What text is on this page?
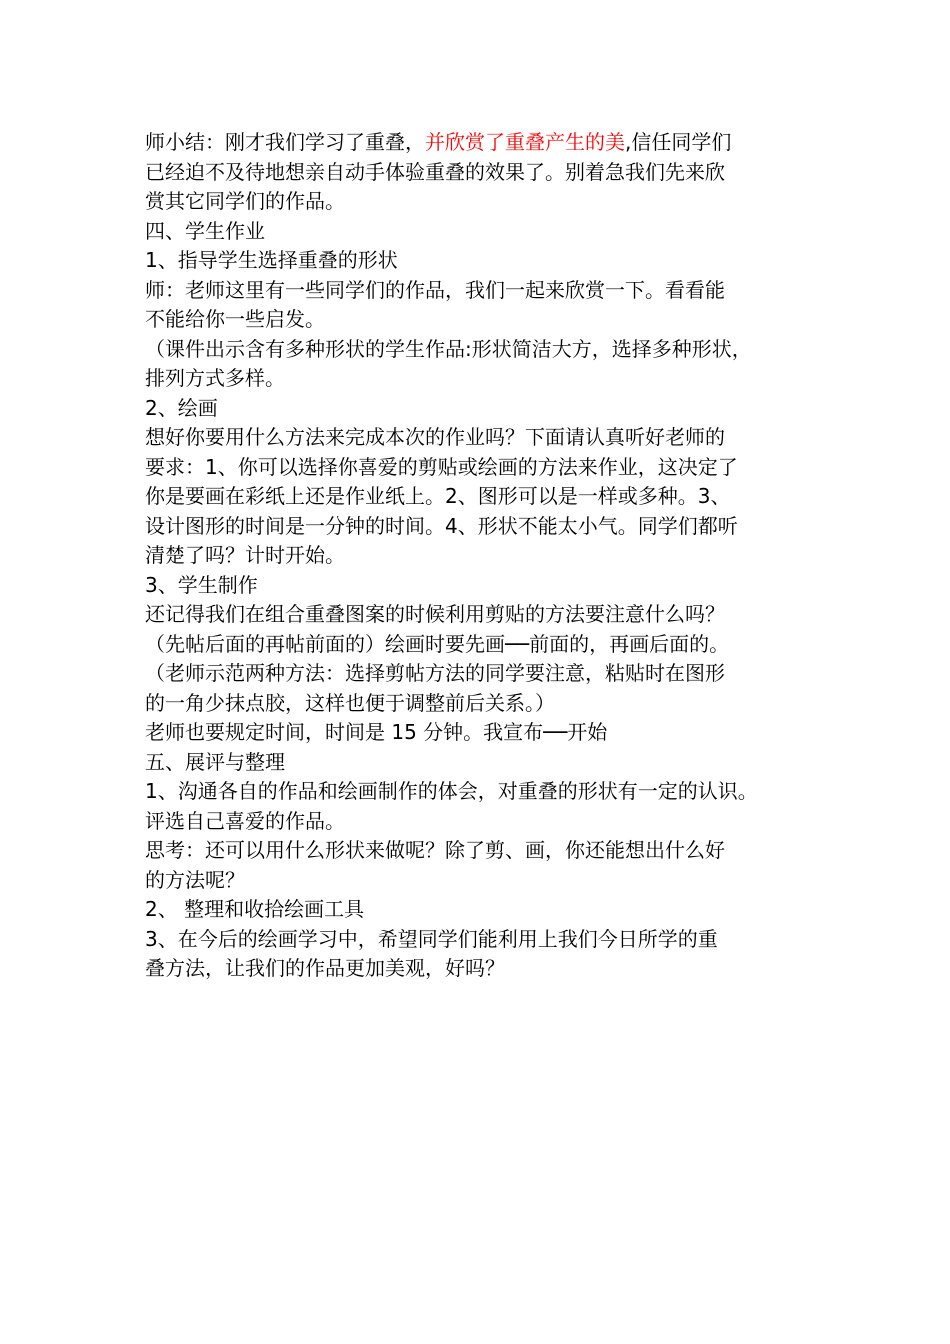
师小结：刚才我们学习了重叠，并欣赏了重叠产生的美,信任同学们
已经迫不及待地想亲自动手体验重叠的效果了。别着急我们先来欣
赏其它同学们的作品。
四、学生作业
1、指导学生选择重叠的形状
师：老师这里有一些同学们的作品，我们一起来欣赏一下。看看能
不能给你一些启发。
（课件出示含有多种形状的学生作品:形状简洁大方，选择多种形状，
排列方式多样。
2、绘画
想好你要用什么方法来完成本次的作业吗？下面请认真听好老师的
要求：1、你可以选择你喜爱的剪贴或绘画的方法来作业，这决定了
你是要画在彩纸上还是作业纸上。2、图形可以是一样或多种。3、
设计图形的时间是一分钟的时间。4、形状不能太小气。同学们都听
清楚了吗？计时开始。
3、学生制作
还记得我们在组合重叠图案的时候利用剪贴的方法要注意什么吗？
（先帖后面的再帖前面的）绘画时要先画──前面的，再画后面的。
（老师示范两种方法：选择剪帖方法的同学要注意，粘贴时在图形
的一角少抹点胶，这样也便于调整前后关系。）
老师也要规定时间，时间是 15 分钟。我宣布──开始
五、展评与整理
1、沟通各自的作品和绘画制作的体会，对重叠的形状有一定的认识。
评选自己喜爱的作品。
思考：还可以用什么形状来做呢？除了剪、画，你还能想出什么好
的方法呢？
2、 整理和收拾绘画工具
3、在今后的绘画学习中，希望同学们能利用上我们今日所学的重
叠方法，让我们的作品更加美观，好吗？
